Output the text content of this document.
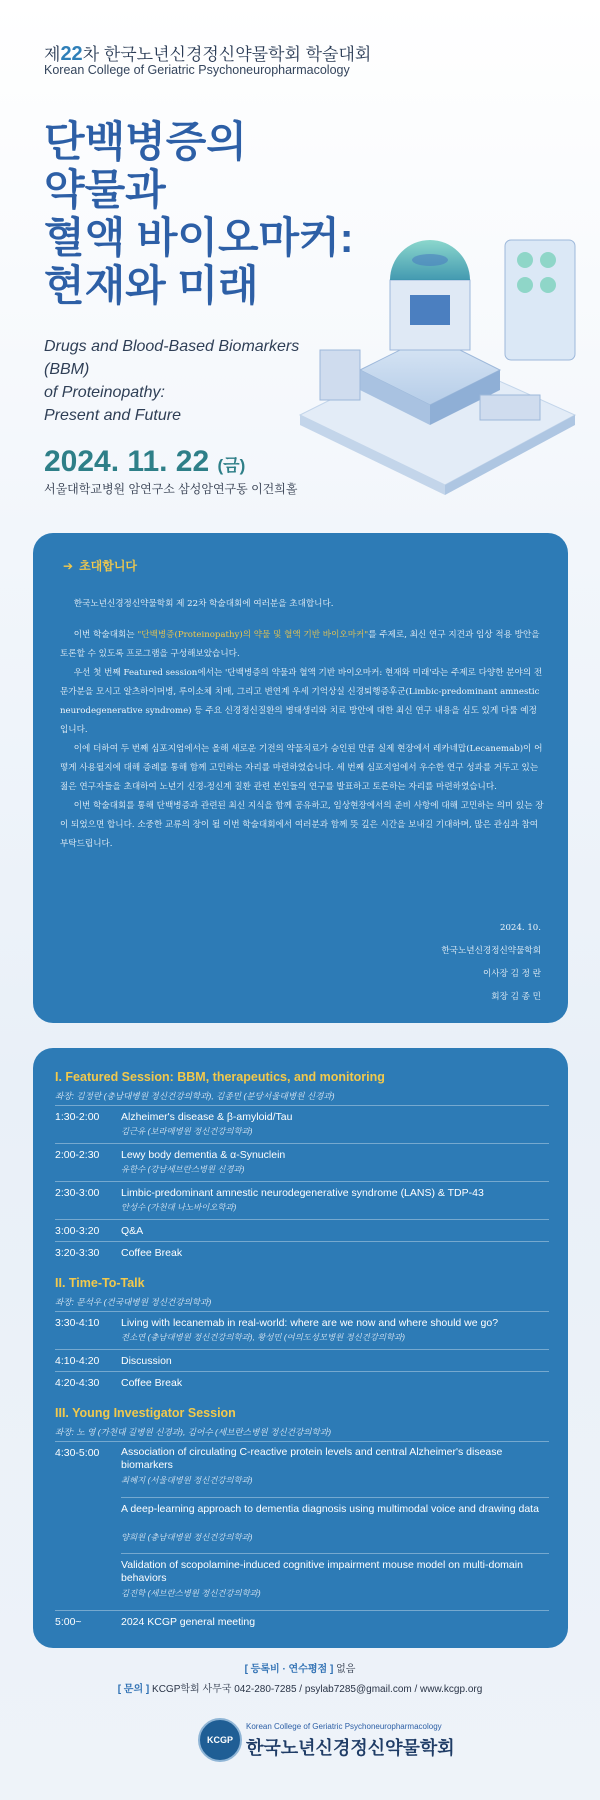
제22차 한국노년신경정신약물학회 학술대회
Korean College of Geriatric Psychoneuropharmacology
단백병증의
약물과
혈액 바이오마커:
현재와 미래
Drugs and Blood-Based Biomarkers (BBM)
of Proteinopathy:
Present and Future
2024. 11. 22 (금)
서울대학교병원 암연구소 삼성암연구동 이건희홀
➔ 초대합니다

한국노년신경정신약물학회 제 22차 학술대회에 여러분을 초대합니다.

이번 학술대회는 "단백병증(Proteinopathy)의 약물 및 혈액 기반 바이오마커"를 주제로, 최신 연구 지견과 임상 적용 방안을 토론할 수 있도록 프로그램을 구성해보았습니다.

우선 첫 번째 Featured session에서는 '단백병증의 약물과 혈액 기반 바이오마커: 현재와 미래'라는 주제로 다양한 분야의 전문가분을 모시고 알츠하이머병, 루이소체 치매, 그리고 변연계 우세 기억상실 신경퇴행증후군(Limbic-predominant amnestic neurodegenerative syndrome) 등 주요 신경정신질환의 병태생리와 치료 방안에 대한 최신 연구 내용을 심도 있게 다룰 예정입니다.

이에 더하여 두 번째 심포지엄에서는 올해 새로운 기전의 약물치료가 승인된 만큼 실제 현장에서 레카네맙(Lecanemab)이 어떻게 사용될지에 대해 증례를 통해 함께 고민하는 자리를 마련하였습니다. 세 번째 심포지엄에서 우수한 연구 성과를 거두고 있는 젊은 연구자들을 초대하여 노년기 신경-정신계 질환 관련 본인들의 연구를 발표하고 토론하는 자리를 마련하였습니다.

이번 학술대회를 통해 단백병증과 관련된 최신 지식을 함께 공유하고, 임상현장에서의 준비 사항에 대해 고민하는 의미 있는 장이 되었으면 합니다. 소중한 교류의 장이 될 이번 학술대회에서 여러분과 함께 뜻 깊은 시간을 보내길 기대하며, 많은 관심과 참여 부탁드립니다.

2024. 10.
한국노년신경정신약물학회
이사장 김 정 란
회장 김 종 민
I. Featured Session: BBM, therapeutics, and monitoring
좌장: 김정란 (충남대병원 정신건강의학과), 김종민 (분당서울대병원 신경과)
1:30-2:00 Alzheimer's disease & β-amyloid/Tau
김근유 (보라매병원 정신건강의학과)
2:00-2:30 Lewy body dementia & α-Synuclein
유한수 (강남세브란스병원 신경과)
2:30-3:00 Limbic-predominant amnestic neurodegenerative syndrome (LANS) & TDP-43
안성수 (가천대 나노바이오학과)
3:00-3:20 Q&A
3:20-3:30 Coffee Break
II. Time-To-Talk
좌장: 문석우 (건국대병원 정신건강의학과)
3:30-4:10 Living with lecanemab in real-world: where are we now and where should we go?
전소연 (충남대병원 정신건강의학과), 황성민 (여의도성모병원 정신건강의학과)
4:10-4:20 Discussion
4:20-4:30 Coffee Break
III. Young Investigator Session
좌장: 노 영 (가천대 길병원 신경과), 김어수 (세브란스병원 정신건강의학과)
4:30-5:00 Association of circulating C-reactive protein levels and central Alzheimer's disease biomarkers
최혜지 (서울대병원 정신건강의학과)
A deep-learning approach to dementia diagnosis using multimodal voice and drawing data
양희원 (충남대병원 정신건강의학과)
Validation of scopolamine-induced cognitive impairment mouse model on multi-domain behaviors
김진학 (세브란스병원 정신건강의학과)
5:00~	2024 KCGP general meeting
[ 등록비 · 연수평점 ] 없음
[ 문의 ] KCGP학회 사무국 042-280-7285 / psylab7285@gmail.com / www.kcgp.org
KCGP
Korean College of Geriatric Psychoneuropharmacology
한국노년신경정신약물학회
